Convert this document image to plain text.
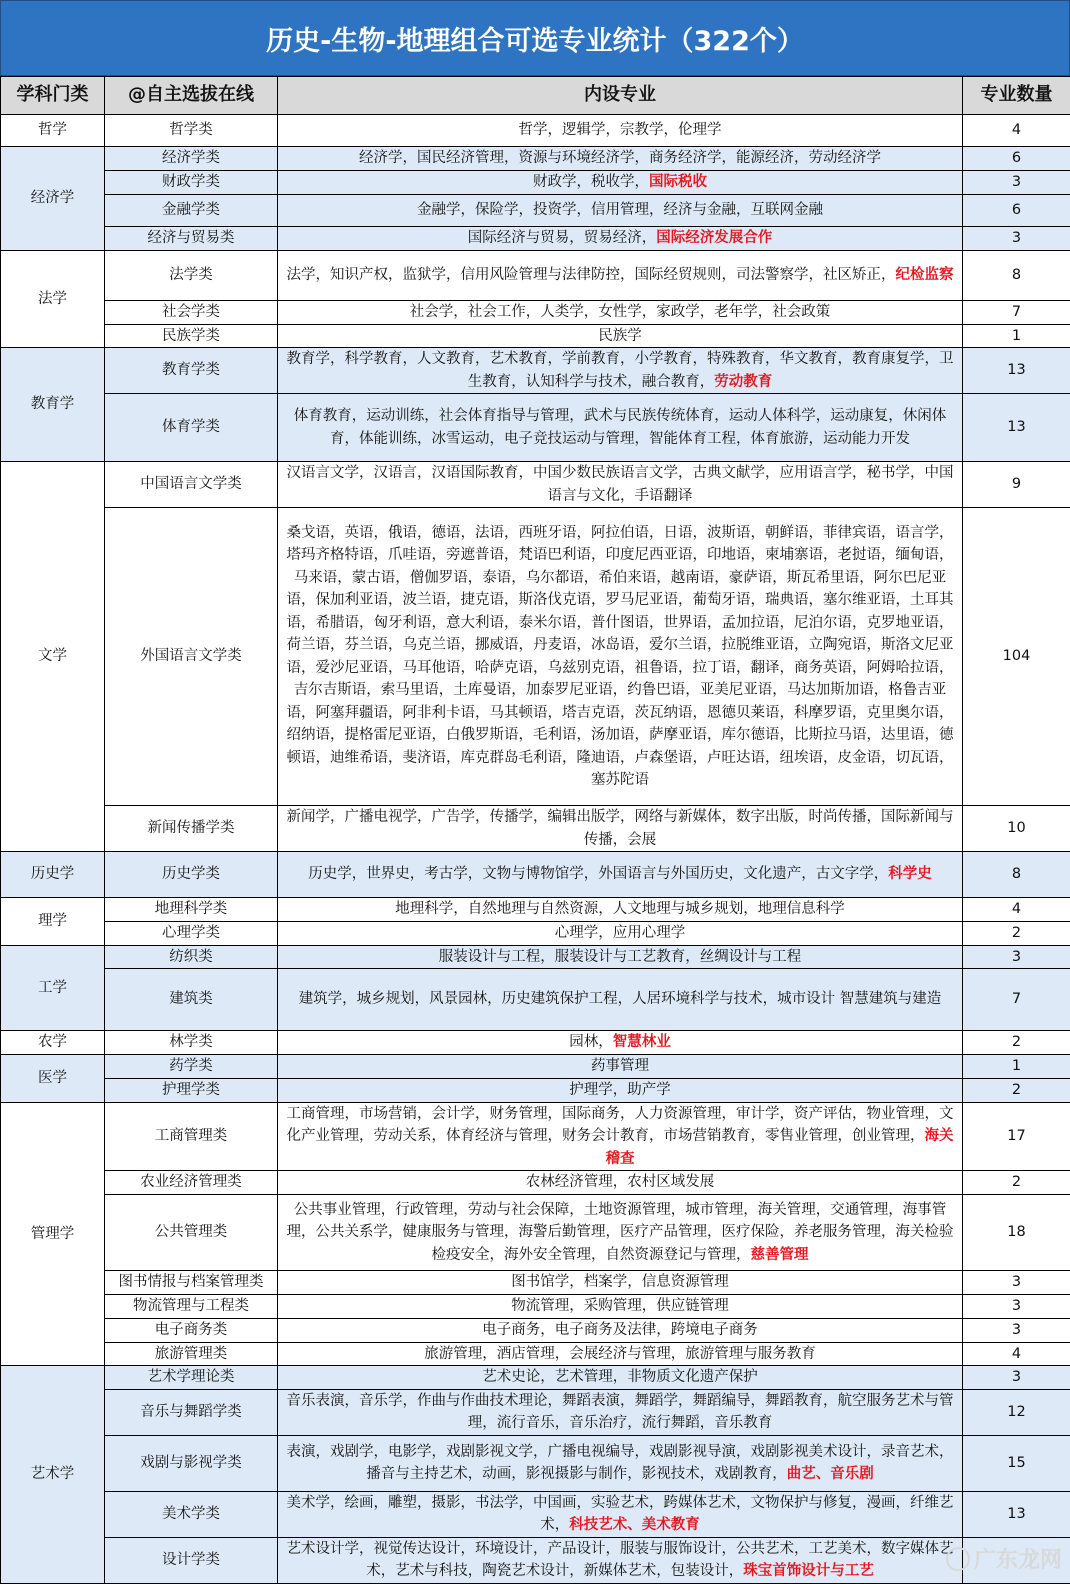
历史-生物-地理组合可选专业统计（322个）
学科门类	@自主选拔在线	内设专业	专业数量
哲学	哲学类	哲学，逻辑学，宗教学，伦理学	4
经济学	经济学类	经济学，国民经济管理，资源与环境经济学，商务经济学，能源经济，劳动经济学	6
	财政学类	财政学，税收学，国际税收	3
	金融学类	金融学，保险学，投资学，信用管理，经济与金融，互联网金融	6
	经济与贸易类	国际经济与贸易，贸易经济，国际经济发展合作	3
法学	法学类	法学，知识产权，监狱学，信用风险管理与法律防控，国际经贸规则，司法警察学，社区矫正，纪检监察	8
	社会学类	社会学，社会工作，人类学，女性学，家政学，老年学，社会政策	7
	民族学类	民族学	1
教育学	教育学类	教育学，科学教育，人文教育，艺术教育，学前教育，小学教育，特殊教育，华文教育，教育康复学，卫生教育，认知科学与技术，融合教育，劳动教育	13
	体育学类	体育教育，运动训练，社会体育指导与管理，武术与民族传统体育，运动人体科学，运动康复，休闲体育，体能训练，冰雪运动，电子竞技运动与管理，智能体育工程，体育旅游，运动能力开发	13
文学	中国语言文学类	汉语言文学，汉语言，汉语国际教育，中国少数民族语言文学，古典文献学，应用语言学，秘书学，中国语言与文化，手语翻译	9
	外国语言文学类	桑戈语，英语，俄语，德语，法语，西班牙语，阿拉伯语，日语，波斯语，朝鲜语，菲律宾语，语言学，塔玛齐格特语，爪哇语，旁遮普语，梵语巴利语，印度尼西亚语，印地语，柬埔寨语，老挝语，缅甸语，马来语，蒙古语，僧伽罗语，泰语，乌尔都语，希伯来语，越南语，豪萨语，斯瓦希里语，阿尔巴尼亚语，保加利亚语，波兰语，捷克语，斯洛伐克语，罗马尼亚语，葡萄牙语，瑞典语，塞尔维亚语，土耳其语，希腊语，匈牙利语，意大利语，泰米尔语，普什图语，世界语，孟加拉语，尼泊尔语，克罗地亚语，荷兰语，芬兰语，乌克兰语，挪威语，丹麦语，冰岛语，爱尔兰语，拉脱维亚语，立陶宛语，斯洛文尼亚语，爱沙尼亚语，马耳他语，哈萨克语，乌兹别克语，祖鲁语，拉丁语，翻译，商务英语，阿姆哈拉语，吉尔吉斯语，索马里语，土库曼语，加泰罗尼亚语，约鲁巴语，亚美尼亚语，马达加斯加语，格鲁吉亚语，阿塞拜疆语，阿非利卡语，马其顿语，塔吉克语，茨瓦纳语，恩德贝莱语，科摩罗语，克里奥尔语，绍纳语，提格雷尼亚语，白俄罗斯语，毛利语，汤加语，萨摩亚语，库尔德语，比斯拉马语，达里语，德顿语，迪维希语，斐济语，库克群岛毛利语，隆迪语，卢森堡语，卢旺达语，纽埃语，皮金语，切瓦语，塞苏陀语	104
	新闻传播学类	新闻学，广播电视学，广告学，传播学，编辑出版学，网络与新媒体，数字出版，时尚传播，国际新闻与传播，会展	10
历史学	历史学类	历史学，世界史，考古学，文物与博物馆学，外国语言与外国历史，文化遗产，古文字学，科学史	8
理学	地理科学类	地理科学，自然地理与自然资源，人文地理与城乡规划，地理信息科学	4
	心理学类	心理学，应用心理学	2
工学	纺织类	服装设计与工程，服装设计与工艺教育，丝绸设计与工程	3
	建筑类	建筑学，城乡规划，风景园林，历史建筑保护工程，人居环境科学与技术，城市设计 智慧建筑与建造	7
农学	林学类	园林，智慧林业	2
医学	药学类	药事管理	1
	护理学类	护理学，助产学	2
管理学	工商管理类	工商管理，市场营销，会计学，财务管理，国际商务，人力资源管理，审计学，资产评估，物业管理，文化产业管理，劳动关系，体育经济与管理，财务会计教育，市场营销教育，零售业管理，创业管理，海关稽查	17
	农业经济管理类	农林经济管理，农村区域发展	2
	公共管理类	公共事业管理，行政管理，劳动与社会保障，土地资源管理，城市管理，海关管理，交通管理，海事管理，公共关系学，健康服务与管理，海警后勤管理，医疗产品管理，医疗保险，养老服务管理，海关检验检疫安全，海外安全管理，自然资源登记与管理，慈善管理	18
	图书情报与档案管理类	图书馆学，档案学，信息资源管理	3
	物流管理与工程类	物流管理，采购管理，供应链管理	3
	电子商务类	电子商务，电子商务及法律，跨境电子商务	3
	旅游管理类	旅游管理，酒店管理，会展经济与管理，旅游管理与服务教育	4
艺术学	艺术学理论类	艺术史论，艺术管理，非物质文化遗产保护	3
	音乐与舞蹈学类	音乐表演，音乐学，作曲与作曲技术理论，舞蹈表演，舞蹈学，舞蹈编导，舞蹈教育，航空服务艺术与管理，流行音乐，音乐治疗，流行舞蹈，音乐教育	12
	戏剧与影视学类	表演，戏剧学，电影学，戏剧影视文学，广播电视编导，戏剧影视导演，戏剧影视美术设计，录音艺术，播音与主持艺术，动画，影视摄影与制作，影视技术，戏剧教育，曲艺、音乐剧	15
	美术学类	美术学，绘画，雕塑，摄影，书法学，中国画，实验艺术，跨媒体艺术，文物保护与修复，漫画，纤维艺术，科技艺术、美术教育	13
	设计学类	艺术设计学，视觉传达设计，环境设计，产品设计，服装与服饰设计，公共艺术，工艺美术，数字媒体艺术，艺术与科技，陶瓷艺术设计，新媒体艺术，包装设计，珠宝首饰设计与工艺		广东龙网
